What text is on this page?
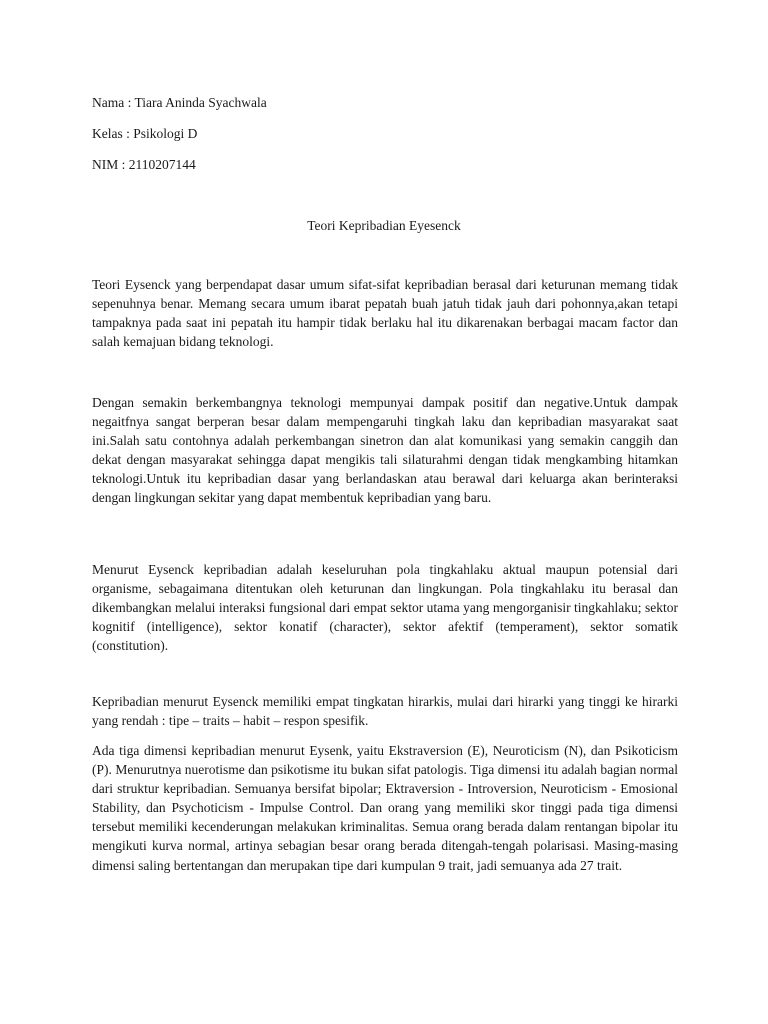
Nama : Tiara Aninda Syachwala
Kelas : Psikologi D
NIM : 2110207144
Teori Kepribadian Eyesenck

Teori Eysenck yang berpendapat dasar umum sifat-sifat kepribadian berasal dari keturunan memang tidak sepenuhnya benar. Memang secara umum ibarat pepatah buah jatuh tidak jauh dari pohonnya,akan tetapi tampaknya pada saat ini pepatah itu hampir tidak berlaku hal itu dikarenakan berbagai macam factor dan salah kemajuan bidang teknologi.

Dengan semakin berkembangnya teknologi mempunyai dampak positif dan negative.Untuk dampak negaitfnya sangat berperan besar dalam mempengaruhi tingkah laku dan kepribadian masyarakat saat ini.Salah satu contohnya adalah perkembangan sinetron dan alat komunikasi yang semakin canggih dan dekat dengan masyarakat sehingga dapat mengikis tali silaturahmi dengan tidak mengkambing hitamkan teknologi.Untuk itu kepribadian dasar yang berlandaskan atau berawal dari keluarga akan berinteraksi dengan lingkungan sekitar yang dapat membentuk kepribadian yang baru.

Menurut Eysenck kepribadian adalah keseluruhan pola tingkahlaku aktual maupun potensial dari organisme, sebagaimana ditentukan oleh keturunan dan lingkungan. Pola tingkahlaku itu berasal dan dikembangkan melalui interaksi fungsional dari empat sektor utama yang mengorganisir tingkahlaku; sektor kognitif (intelligence), sektor konatif (character), sektor afektif (temperament), sektor somatik (constitution).

Kepribadian menurut Eysenck memiliki empat tingkatan hirarkis, mulai dari hirarki yang tinggi ke hirarki yang rendah : tipe – traits – habit – respon spesifik.

Ada tiga dimensi kepribadian menurut Eysenk, yaitu Ekstraversion (E), Neuroticism (N), dan Psikoticism (P). Menurutnya nuerotisme dan psikotisme itu bukan sifat patologis. Tiga dimensi itu adalah bagian normal dari struktur kepribadian. Semuanya bersifat bipolar; Ektraversion - Introversion, Neuroticism - Emosional Stability, dan Psychoticism - Impulse Control. Dan orang yang memiliki skor tinggi pada tiga dimensi tersebut memiliki kecenderungan melakukan kriminalitas. Semua orang berada dalam rentangan bipolar itu mengikuti kurva normal, artinya sebagian besar orang berada ditengah-tengah polarisasi. Masing-masing dimensi saling bertentangan dan merupakan tipe dari kumpulan 9 trait, jadi semuanya ada 27 trait.
